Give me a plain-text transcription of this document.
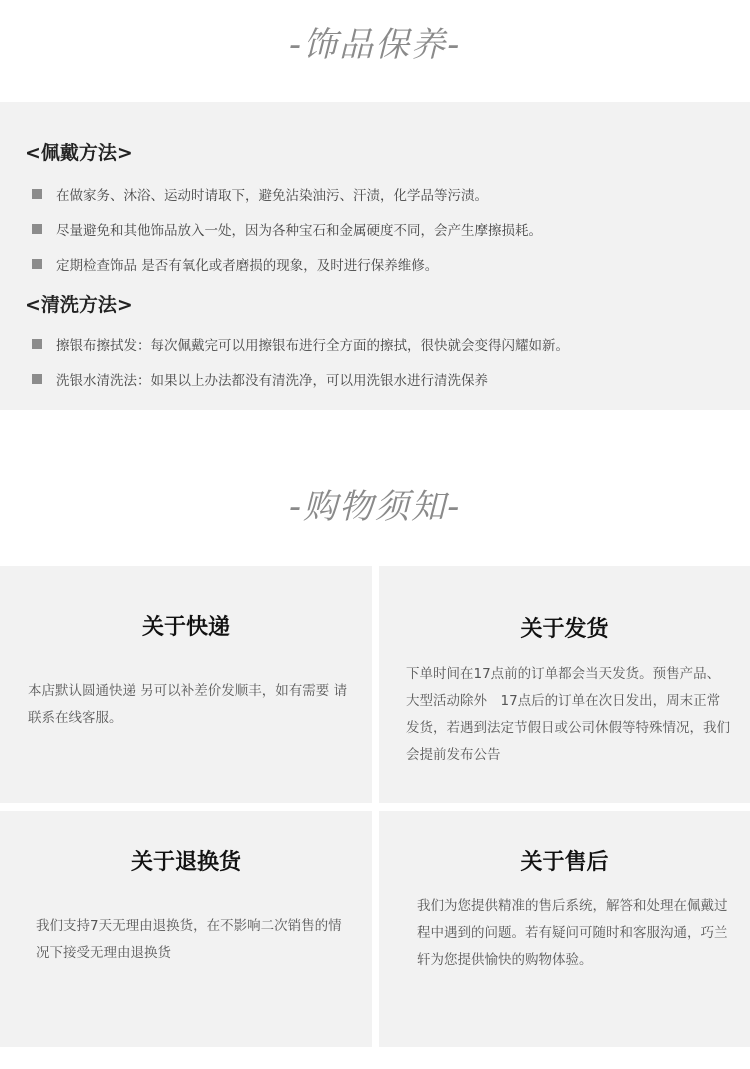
-饰品保养-
<佩戴方法>
在做家务、沐浴、运动时请取下，避免沾染油污、汗渍，化学品等污渍。
尽量避免和其他饰品放入一处，因为各种宝石和金属硬度不同，会产生摩擦损耗。
定期检查饰品 是否有氧化或者磨损的现象，及时进行保养维修。
<清洗方法>
擦银布擦拭发：每次佩戴完可以用擦银布进行全方面的擦拭，很快就会变得闪耀如新。
洗银水清洗法：如果以上办法都没有清洗净，可以用洗银水进行清洗保养
-购物须知-
关于快递

本店默认圆通快递 另可以补差价发顺丰，如有需要 请联系在线客服。

关于发货

下单时间在17点前的订单都会当天发货。预售产品、大型活动除外　17点后的订单在次日发出，周末正常发货，若遇到法定节假日或公司休假等特殊情况，我们会提前发布公告

关于退换货

我们支持7天无理由退换货，在不影响二次销售的情况下接受无理由退换货

关于售后

我们为您提供精准的售后系统，解答和处理在佩戴过程中遇到的问题。若有疑问可随时和客服沟通，巧兰轩为您提供愉快的购物体验。
